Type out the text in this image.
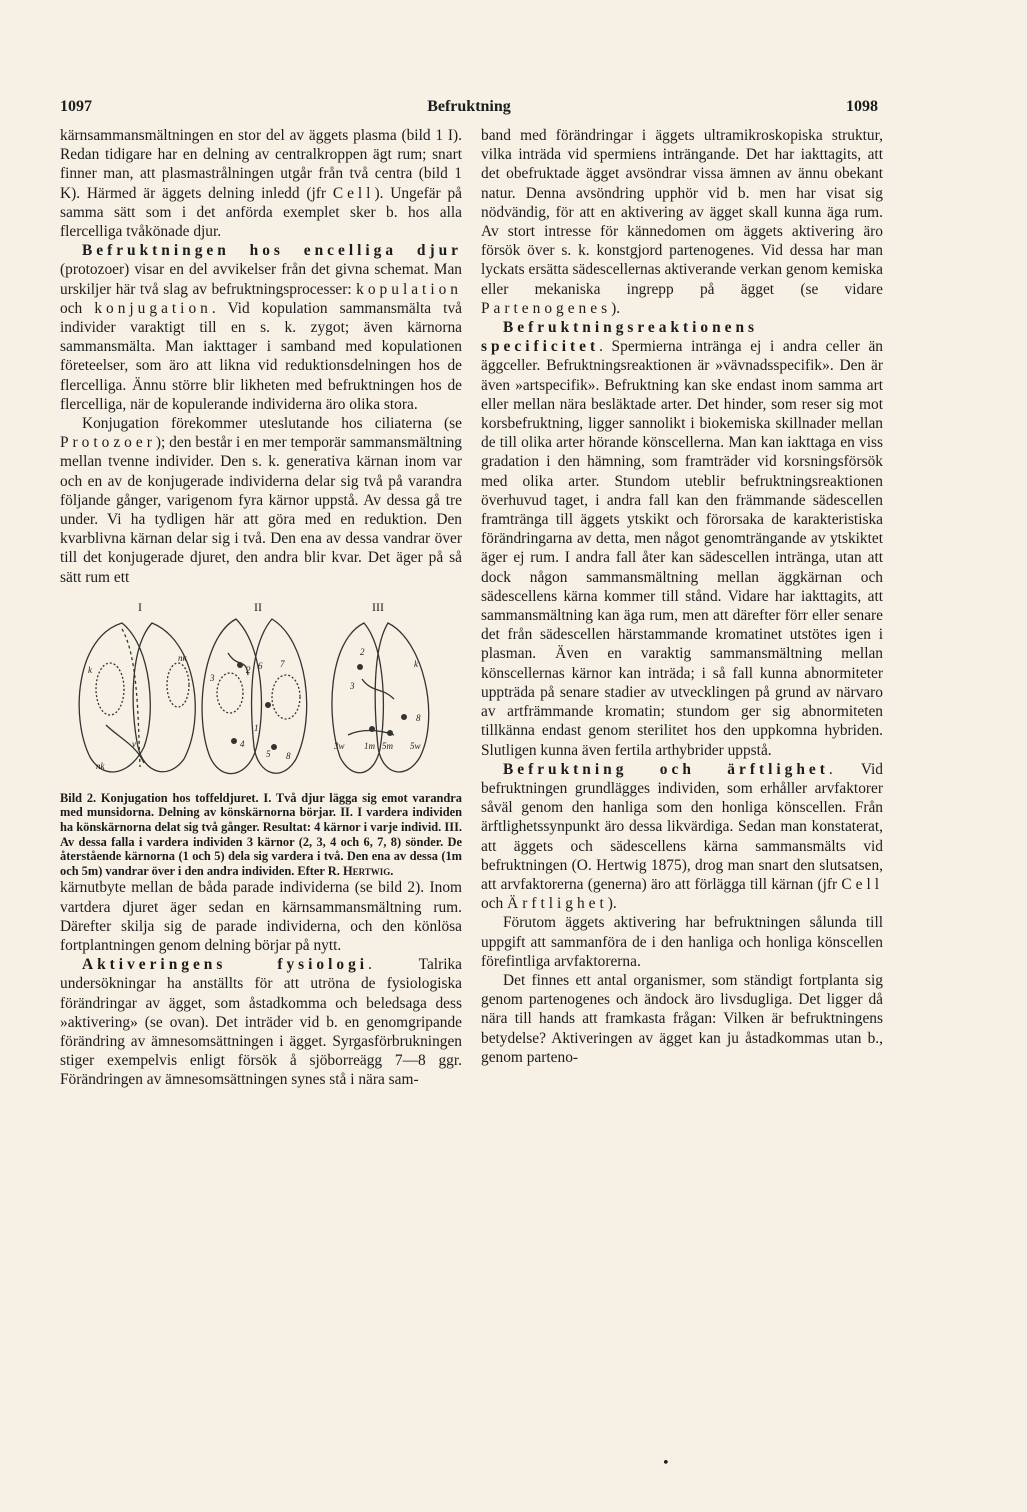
1097	Befruktning	1098

kärnsammansmältningen en stor del av äggets plasma (bild 1 I). Redan tidigare har en delning av centralkroppen ägt rum; snart finner man, att plasmastrålningen utgår från två centra (bild 1 K). Härmed är äggets delning inledd (jfr Cell). Ungefär på samma sätt som i det anförda exemplet sker b. hos alla flercelliga tvåkönade djur.

Befruktningen hos encelliga djur (protozoer) visar en del avvikelser från det givna schemat. Man urskiljer här två slag av befruktningsprocesser: kopulation och konjugation. Vid kopulation sammansmälta två individer varaktigt till en s. k. zygot; även kärnorna sammansmälta. Man iakttager i samband med kopulationen företeelser, som äro att likna vid reduktionsdelningen hos de flercelliga. Ännu större blir likheten med befruktningen hos de flercelliga, när de kopulerande individerna äro olika stora.

Konjugation förekommer uteslutande hos ciliaterna (se Protozoer); den består i en mer temporär sammansmältning mellan tvenne individer. Den s. k. generativa kärnan inom var och en av de konjugerade individerna delar sig två på varandra följande gånger, varigenom fyra kärnor uppstå. Av dessa gå tre under. Vi ha tydligen här att göra med en reduktion. Den kvarblivna kärnan delar sig i två. Den ena av dessa vandrar över till det konjugerade djuret, den andra blir kvar. Det äger på så sätt rum ett

I	II	III
k
nk
v
nk
3
2 6 7
1
4
5 8
2
3
k
8
3w 1m 5m 5w

Bild 2. Konjugation hos toffeldjuret. I. Två djur lägga sig emot varandra med munsidorna. Delning av könskärnorna börjar. II. I vardera individen ha könskärnorna delat sig två gånger. Resultat: 4 kärnor i varje individ. III. Av dessa falla i vardera individen 3 kärnor (2, 3, 4 och 6, 7, 8) sönder. De återstående kärnorna (1 och 5) dela sig vardera i två. Den ena av dessa (1m och 5m) vandrar över i den andra individen. Efter R. Hertwig.

kärnutbyte mellan de båda parade individerna (se bild 2). Inom vartdera djuret äger sedan en kärnsammansmältning rum. Därefter skilja sig de parade individerna, och den könlösa fortplantningen genom delning börjar på nytt.

Aktiveringens fysiologi. Talrika undersökningar ha anställts för att utröna de fysiologiska förändringar av ägget, som åstadkomma och beledsaga dess »aktivering» (se ovan). Det inträder vid b. en genomgripande förändring av ämnesomsättningen i ägget. Syrgasförbrukningen stiger exempelvis enligt försök å sjöborreägg 7—8 ggr. Förändringen av ämnesomsättningen synes stå i nära sam-

band med förändringar i äggets ultramikroskopiska struktur, vilka inträda vid spermiens inträngande. Det har iakttagits, att det obefruktade ägget avsöndrar vissa ämnen av ännu obekant natur. Denna avsöndring upphör vid b. men har visat sig nödvändig, för att en aktivering av ägget skall kunna äga rum. Av stort intresse för kännedomen om äggets aktivering äro försök över s. k. konstgjord partenogenes. Vid dessa har man lyckats ersätta sädescellernas aktiverande verkan genom kemiska eller mekaniska ingrepp på ägget (se vidare Partenogenes).

Befruktningsreaktionens specificitet. Spermierna intränga ej i andra celler än äggceller. Befruktningsreaktionen är »vävnadsspecifik». Den är även »artspecifik». Befruktning kan ske endast inom samma art eller mellan nära besläktade arter. Det hinder, som reser sig mot korsbefruktning, ligger sannolikt i biokemiska skillnader mellan de till olika arter hörande könscellerna. Man kan iakttaga en viss gradation i den hämning, som framträder vid korsningsförsök med olika arter. Stundom uteblir befruktningsreaktionen överhuvud taget, i andra fall kan den främmande sädescellen framtränga till äggets ytskikt och förorsaka de karakteristiska förändringarna av detta, men något genomträngande av ytskiktet äger ej rum. I andra fall åter kan sädescellen intränga, utan att dock någon sammansmältning mellan äggkärnan och sädescellens kärna kommer till stånd. Vidare har iakttagits, att sammansmältning kan äga rum, men att därefter förr eller senare det från sädescellen härstammande kromatinet utstötes igen i plasman. Även en varaktig sammansmältning mellan könscellernas kärnor kan inträda; i så fall kunna abnormiteter uppträda på senare stadier av utvecklingen på grund av närvaro av artfrämmande kromatin; stundom ger sig abnormiteten tillkänna endast genom sterilitet hos den uppkomna hybriden. Slutligen kunna även fertila arthybrider uppstå.

Befruktning och ärftlighet. Vid befruktningen grundlägges individen, som erhåller arvfaktorer såväl genom den hanliga som den honliga könscellen. Från ärftlighetssynpunkt äro dessa likvärdiga. Sedan man konstaterat, att äggets och sädescellens kärna sammansmälts vid befruktningen (O. Hertwig 1875), drog man snart den slutsatsen, att arvfaktorerna (generna) äro att förlägga till kärnan (jfr Cell och Ärftlighet).

Förutom äggets aktivering har befruktningen sålunda till uppgift att sammanföra de i den hanliga och honliga könscellen förefintliga arvfaktorerna.

Det finnes ett antal organismer, som ständigt fortplanta sig genom partenogenes och ändock äro livsdugliga. Det ligger då nära till hands att framkasta frågan: Vilken är befruktningens betydelse? Aktiveringen av ägget kan ju åstadkommas utan b., genom parteno-

•
